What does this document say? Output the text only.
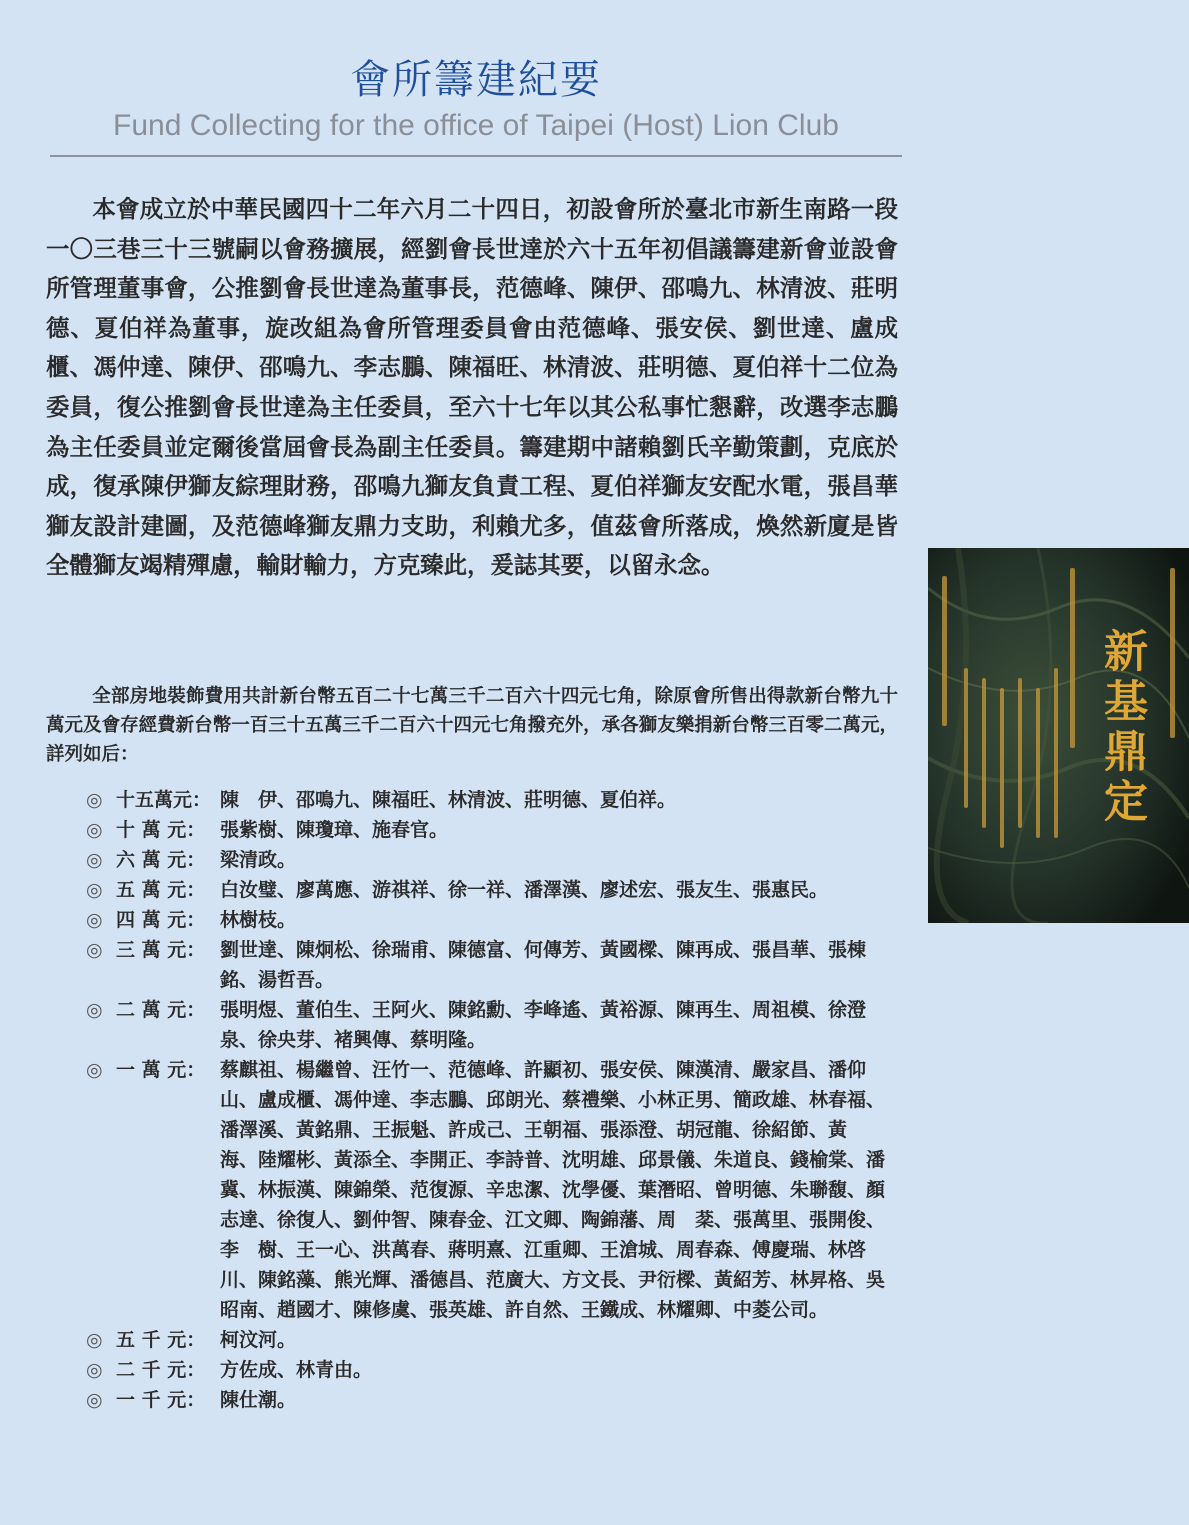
會所籌建紀要
Fund Collecting for the office of Taipei (Host) Lion Club

本會成立於中華民國四十二年六月二十四日，初設會所於臺北市新生南路一段一〇三巷三十三號嗣以會務擴展，經劉會長世達於六十五年初倡議籌建新會並設會所管理董事會，公推劉會長世達為董事長，范德峰、陳伊、邵鳴九、林清波、莊明德、夏伯祥為董事，旋改組為會所管理委員會由范德峰、張安侯、劉世達、盧成櫃、馮仲達、陳伊、邵鳴九、李志鵬、陳福旺、林清波、莊明德、夏伯祥十二位為委員，復公推劉會長世達為主任委員，至六十七年以其公私事忙懇辭，改選李志鵬為主任委員並定爾後當屆會長為副主任委員。籌建期中諸賴劉氏辛勤策劃，克底於成，復承陳伊獅友綜理財務，邵鳴九獅友負責工程、夏伯祥獅友安配水電，張昌華獅友設計建圖，及范德峰獅友鼎力支助，利賴尤多，值茲會所落成，煥然新廈是皆全體獅友竭精殫慮，輸財輸力，方克臻此，爰誌其要，以留永念。

全部房地裝飾費用共計新台幣五百二十七萬三千二百六十四元七角，除原會所售出得款新台幣九十萬元及會存經費新台幣一百三十五萬三千二百六十四元七角撥充外，承各獅友樂捐新台幣三百零二萬元，詳列如后：

◎ 十五萬元： 陳　伊、邵鳴九、陳福旺、林清波、莊明德、夏伯祥。
◎ 十 萬 元： 張紫樹、陳瓊璋、施春官。
◎ 六 萬 元： 梁清政。
◎ 五 萬 元： 白汝璧、廖萬應、游祺祥、徐一祥、潘澤漢、廖述宏、張友生、張惠民。
◎ 四 萬 元： 林樹枝。
◎ 三 萬 元： 劉世達、陳炯松、徐瑞甫、陳德富、何傳芳、黃國樑、陳再成、張昌華、張棟銘、湯哲吾。
◎ 二 萬 元： 張明煜、董伯生、王阿火、陳銘勳、李峰遙、黃裕源、陳再生、周祖模、徐澄泉、徐央芽、褚興傳、蔡明隆。
◎ 一 萬 元： 蔡麒祖、楊繼曾、汪竹一、范德峰、許顯初、張安侯、陳漢清、嚴家昌、潘仰山、盧成櫃、馮仲達、李志鵬、邱朗光、蔡禮樂、小林正男、簡政雄、林春福、潘澤溪、黃銘鼎、王振魁、許成己、王朝福、張添澄、胡冠龍、徐紹節、黃　海、陸耀彬、黃添全、李開正、李詩普、沈明雄、邱景儀、朱道良、錢榆棠、潘　冀、林振漢、陳錦榮、范復源、辛忠潔、沈學優、葉潛昭、曾明德、朱聯馥、顏志達、徐復人、劉仲智、陳春金、江文卿、陶錦藩、周　棻、張萬里、張開俊、李　樹、王一心、洪萬春、蔣明熹、江重卿、王滄城、周春森、傅慶瑞、林啓川、陳銘藻、熊光輝、潘德昌、范廣大、方文長、尹衍樑、黃紹芳、林昇格、吳昭南、趙國才、陳修虞、張英雄、許自然、王鐵成、林耀卿、中菱公司。
◎ 五 千 元： 柯汶河。
◎ 二 千 元： 方佐成、林青由。
◎ 一 千 元： 陳仕潮。
新基鼎定
